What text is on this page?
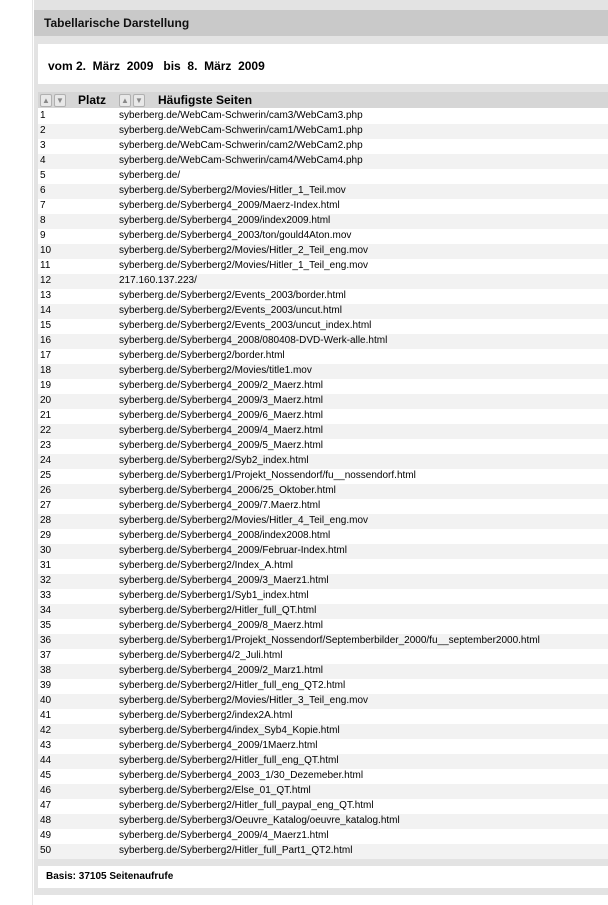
Tabellarische Darstellung
vom 2.  März  2009   bis  8.  März  2009
▲ ▼ Platz ▲ ▼ Häufigste Seiten
1	syberberg.de/WebCam-Schwerin/cam3/WebCam3.php
2	syberberg.de/WebCam-Schwerin/cam1/WebCam1.php
3	syberberg.de/WebCam-Schwerin/cam2/WebCam2.php
4	syberberg.de/WebCam-Schwerin/cam4/WebCam4.php
5	syberberg.de/
6	syberberg.de/Syberberg2/Movies/Hitler_1_Teil.mov
7	syberberg.de/Syberberg4_2009/Maerz-Index.html
8	syberberg.de/Syberberg4_2009/index2009.html
9	syberberg.de/Syberberg4_2003/ton/gould4Aton.mov
10	syberberg.de/Syberberg2/Movies/Hitler_2_Teil_eng.mov
11	syberberg.de/Syberberg2/Movies/Hitler_1_Teil_eng.mov
12	217.160.137.223/
13	syberberg.de/Syberberg2/Events_2003/border.html
14	syberberg.de/Syberberg2/Events_2003/uncut.html
15	syberberg.de/Syberberg2/Events_2003/uncut_index.html
16	syberberg.de/Syberberg4_2008/080408-DVD-Werk-alle.html
17	syberberg.de/Syberberg2/border.html
18	syberberg.de/Syberberg2/Movies/title1.mov
19	syberberg.de/Syberberg4_2009/2_Maerz.html
20	syberberg.de/Syberberg4_2009/3_Maerz.html
21	syberberg.de/Syberberg4_2009/6_Maerz.html
22	syberberg.de/Syberberg4_2009/4_Maerz.html
23	syberberg.de/Syberberg4_2009/5_Maerz.html
24	syberberg.de/Syberberg2/Syb2_index.html
25	syberberg.de/Syberberg1/Projekt_Nossendorf/fu__nossendorf.html
26	syberberg.de/Syberberg4_2006/25_Oktober.html
27	syberberg.de/Syberberg4_2009/7.Maerz.html
28	syberberg.de/Syberberg2/Movies/Hitler_4_Teil_eng.mov
29	syberberg.de/Syberberg4_2008/index2008.html
30	syberberg.de/Syberberg4_2009/Februar-Index.html
31	syberberg.de/Syberberg2/Index_A.html
32	syberberg.de/Syberberg4_2009/3_Maerz1.html
33	syberberg.de/Syberberg1/Syb1_index.html
34	syberberg.de/Syberberg2/Hitler_full_QT.html
35	syberberg.de/Syberberg4_2009/8_Maerz.html
36	syberberg.de/Syberberg1/Projekt_Nossendorf/Septemberbilder_2000/fu__september2000.html
37	syberberg.de/Syberberg4/2_Juli.html
38	syberberg.de/Syberberg4_2009/2_Marz1.html
39	syberberg.de/Syberberg2/Hitler_full_eng_QT2.html
40	syberberg.de/Syberberg2/Movies/Hitler_3_Teil_eng.mov
41	syberberg.de/Syberberg2/index2A.html
42	syberberg.de/Syberberg4/index_Syb4_Kopie.html
43	syberberg.de/Syberberg4_2009/1Maerz.html
44	syberberg.de/Syberberg2/Hitler_full_eng_QT.html
45	syberberg.de/Syberberg4_2003_1/30_Dezemeber.html
46	syberberg.de/Syberberg2/Else_01_QT.html
47	syberberg.de/Syberberg2/Hitler_full_paypal_eng_QT.html
48	syberberg.de/Syberberg3/Oeuvre_Katalog/oeuvre_katalog.html
49	syberberg.de/Syberberg4_2009/4_Maerz1.html
50	syberberg.de/Syberberg2/Hitler_full_Part1_QT2.html
Basis: 37105 Seitenaufrufe
